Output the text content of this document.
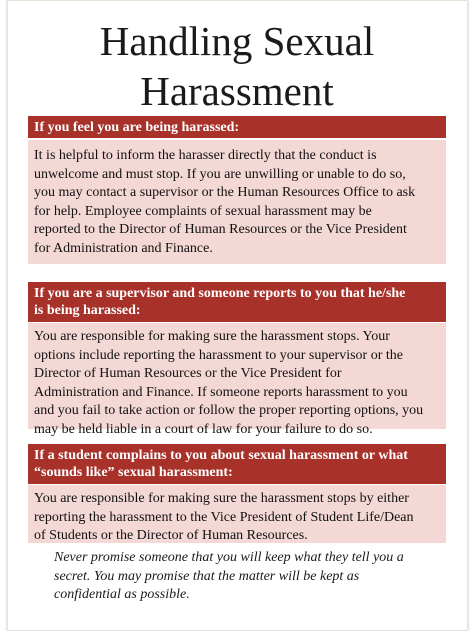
Handling Sexual
Harassment
If you feel you are being harassed:
It is helpful to inform the harasser directly that the conduct is
unwelcome and must stop. If you are unwilling or unable to do so,
you may contact a supervisor or the Human Resources Office to ask
for help. Employee complaints of sexual harassment may be
reported to the Director of Human Resources or the Vice President
for Administration and Finance.
If you are a supervisor and someone reports to you that he/she
is being harassed:
You are responsible for making sure the harassment stops. Your
options include reporting the harassment to your supervisor or the
Director of Human Resources or the Vice President for
Administration and Finance. If someone reports harassment to you
and you fail to take action or follow the proper reporting options, you
may be held liable in a court of law for your failure to do so.
If a student complains to you about sexual harassment or what
“sounds like” sexual harassment:
You are responsible for making sure the harassment stops by either
reporting the harassment to the Vice President of Student Life/Dean
of Students or the Director of Human Resources.
Never promise someone that you will keep what they tell you a
secret. You may promise that the matter will be kept as
confidential as possible.
